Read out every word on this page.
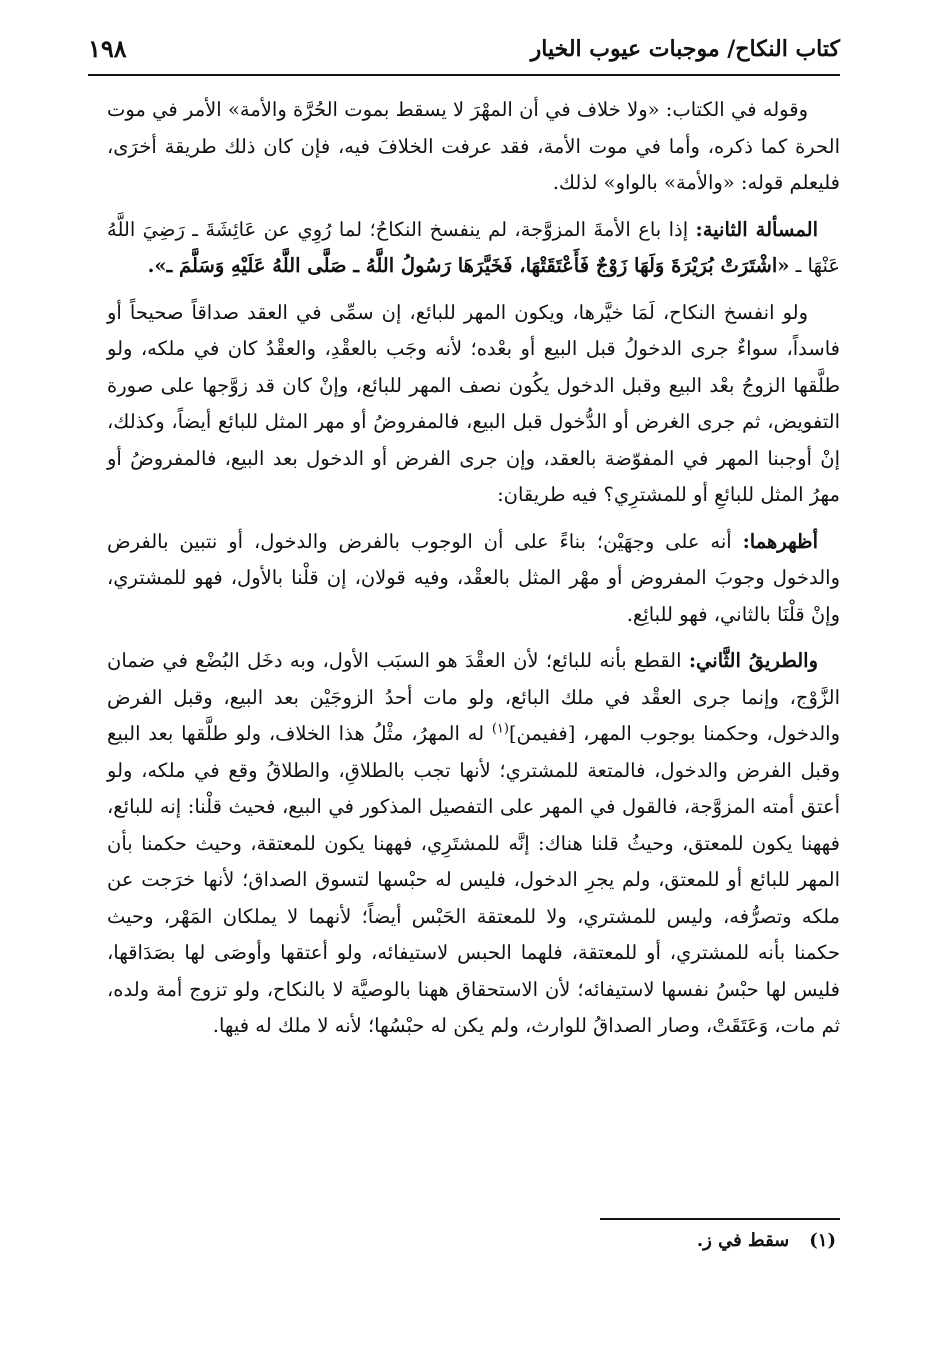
كتاب النكاح/ موجبات عيوب الخيار
١٩٨

وقوله في الكتاب: «ولا خلاف في أن المهْرَ لا يسقط بموت الحُرَّة والأمة» الأمر في موت الحرة كما ذكره، وأما في موت الأمة، فقد عرفت الخلافَ فيه، فإن كان ذلك طريقة أخرَى، فليعلم قوله: «والأمة» بالواو» لذلك.

المسألة الثانية: إذا باع الأمةَ المزوَّجة، لم ينفسخ النكاحُ؛ لما رُوِي عن عَائِشَةَ ـ رَضِيَ اللَّهُ عَنْهَا ـ «اشْتَرَتْ بُرَيْرَةَ وَلَهَا زَوْجٌ فَأَعْتَقَتْهَا، فَخَيَّرَهَا رَسُولُ اللَّهُ ـ صَلَّى اللَّهُ عَلَيْهِ وَسَلَّمَ ـ».

ولو انفسخ النكاح، لَمَا خيَّرها، ويكون المهر للبائع، إن سمِّى في العقد صداقاً صحيحاً أو فاسداً، سواءٌ جرى الدخولُ قبل البيع أو بعْده؛ لأنه وجَب بالعقْدِ، والعقْدُ كان في ملكه، ولو طلَّقها الزوجُ بعْد البيع وقبل الدخول يكُون نصف المهر للبائع، وإنْ كان قد زوَّجها على صورة التفويض، ثم جرى الغرض أو الدُّخول قبل البيع، فالمفروضُ أو مهر المثل للبائع أيضاً، وكذلك، إنْ أوجبنا المهر في المفوّضة بالعقد، وإن جرى الفرض أو الدخول بعد البيع، فالمفروضُ أو مهرُ المثل للبائعِ أو للمشترِي؟ فيه طريقان:

أظهرهما: أنه على وجهَيْن؛ بناءً على أن الوجوب بالفرض والدخول، أو نتبين بالفرض والدخول وجوبَ المفروض أو مهْر المثل بالعقْد، وفيه قولان، إن قلْنا بالأول، فهو للمشتري، وإنْ قلْنَا بالثاني، فهو للبائِع.

والطريقُ الثَّاني: القطع بأنه للبائع؛ لأن العقْدَ هو السبَب الأول، وبه دخَل البُضْع في ضمان الزَّوْج، وإنما جرى العقْد في ملك البائع، ولو مات أحدُ الزوجَيْن بعد البيع، وقبل الفرض والدخول، وحكمنا بوجوب المهر، [ففيمن]$^{(١)}$ له المهرُ، مثْلُ هذا الخلاف، ولو طلَّقها بعد البيع وقبل الفرض والدخول، فالمتعة للمشتري؛ لأنها تجب بالطلاقِ، والطلاقُ وقع في ملكه، ولو أعتق أمته المزوَّجة، فالقول في المهر على التفصيل المذكور في البيع، فحيث قلْنا: إنه للبائع، فههنا يكون للمعتق، وحيثُ قلنا هناك: إنَّه للمشتَرِي، فههنا يكون للمعتقة، وحيث حكمنا بأن المهر للبائع أو للمعتق، ولم يجرِ الدخول، فليس له حبْسها لتسوق الصداق؛ لأنها خرَجت عن ملكه وتصرُّفه، وليس للمشتري، ولا للمعتقة الحَبْس أيضاً؛ لأنهما لا يملكان المَهْر، وحيث حكمنا بأنه للمشتري، أو للمعتقة، فلهما الحبس لاستيفائه، ولو أعتقها وأوصَى لها بصَدَاقها، فليس لها حبْسُ نفسها لاستيفائه؛ لأن الاستحقاق ههنا بالوصيَّة لا بالنكاح، ولو تزوج أمة ولده، ثم مات، وَعَتَقَتْ، وصار الصداقُ للوارث، ولم يكن له حبْسُها؛ لأنه لا ملك له فيها.

(١)سقط في ز.
